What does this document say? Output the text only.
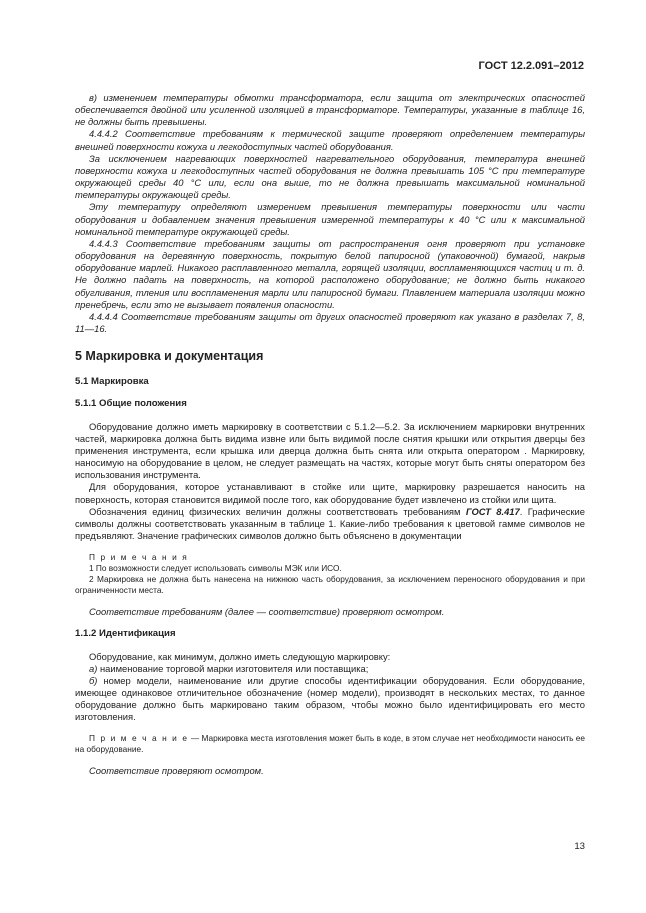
ГОСТ 12.2.091–2012

в) изменением температуры обмотки трансформатора, если защита от электрических опасностей обеспечивается двойной или усиленной изоляцией в трансформаторе. Температуры, указанные в таблице 16, не должны быть превышены.

4.4.4.2 Соответствие требованиям к термической защите проверяют определением температуры внешней поверхности кожуха и легкодоступных частей оборудования.

За исключением нагревающих поверхностей нагревательного оборудования, температура внешней поверхности кожуха и легкодоступных частей оборудования не должна превышать 105 °С при температуре окружающей среды 40 °С или, если она выше, то не должна превышать максимальной номинальной температуры окружающей среды.

Эту температуру определяют измерением превышения температуры поверхности или части оборудования и добавлением значения превышения измеренной температуры к 40 °С или к максимальной номинальной температуре окружающей среды.

4.4.4.3 Соответствие требованиям защиты от распространения огня проверяют при установке оборудования на деревянную поверхность, покрытую белой папиросной (упаковочной) бумагой, накрыв оборудование марлей. Никакого расплавленного металла, горящей изоляции, воспламеняющихся частиц и т. д. Не должно падать на поверхность, на которой расположено оборудование; не должно быть никакого обугливания, тления или воспламенения марли или папиросной бумаги. Плавлением материала изоляции можно пренебречь, если это не вызывает появления опасности.

4.4.4.4 Соответствие требованиям защиты от других опасностей проверяют как указано в разделах 7, 8, 11—16.

5 Маркировка и документация

5.1 Маркировка

5.1.1 Общие положения

Оборудование должно иметь маркировку в соответствии с 5.1.2—5.2. За исключением маркировки внутренних частей, маркировка должна быть видима извне или быть видимой после снятия крышки или открытия дверцы без применения инструмента, если крышка или дверца должна быть снята или открыта оператором . Маркировку, наносимую на оборудование в целом, не следует размещать на частях, которые могут быть сняты оператором без использования инструмента.

Для оборудования, которое устанавливают в стойке или щите, маркировку разрешается наносить на поверхность, которая становится видимой после того, как оборудование будет извлечено из стойки или щита.

Обозначения единиц физических величин должны соответствовать требованиям ГОСТ 8.417. Графические символы должны соответствовать указанным в таблице 1. Какие-либо требования к цветовой гамме символов не предъявляют. Значение графических символов должно быть объяснено в документации

П р и м е ч а н и я

1 По возможности следует использовать символы МЭК или ИСО.

2 Маркировка не должна быть нанесена на нижнюю часть оборудования, за исключением переносного оборудования и при ограниченности места.

Соответствие требованиям (далее — соответствие) проверяют осмотром.

1.1.2 Идентификация

Оборудование, как минимум, должно иметь следующую маркировку:

а) наименование торговой марки изготовителя или поставщика;

б) номер модели, наименование или другие способы идентификации оборудования. Если оборудование, имеющее одинаковое отличительное обозначение (номер модели), производят в нескольких местах, то данное оборудование должно быть маркировано таким образом, чтобы можно было идентифицировать его место изготовления.

П р и м е ч а н и е — Маркировка места изготовления может быть в коде, в этом случае нет необходимости наносить ее на оборудование.

Соответствие проверяют осмотром.

13
